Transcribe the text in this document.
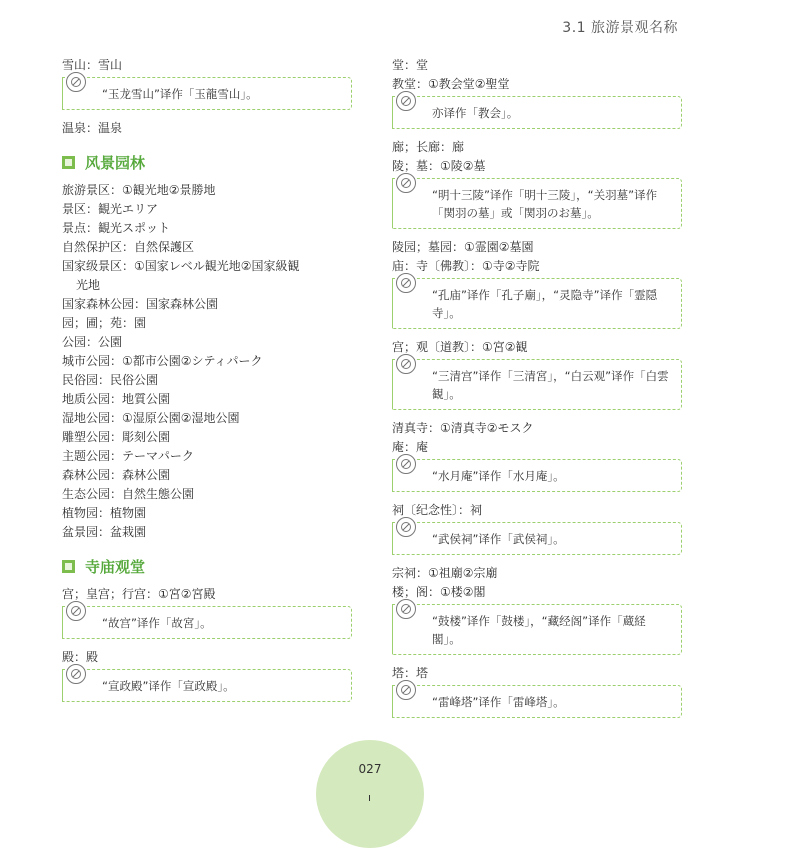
3.1 旅游景观名称
雪山：雪山
“玉龙雪山”译作「玉龍雪山」。
温泉：温泉
风景园林
旅游景区：①観光地②景勝地
景区：観光エリア
景点：観光スポット
自然保护区：自然保護区
国家级景区：①国家レベル観光地②国家級観
光地
国家森林公园：国家森林公園
园；圃；苑：園
公园：公園
城市公园：①都市公園②シティパーク
民俗园：民俗公園
地质公园：地質公園
湿地公园：①湿原公園②湿地公園
雕塑公园：彫刻公園
主题公园：テーマパーク
森林公园：森林公園
生态公园：自然生態公園
植物园：植物園
盆景园：盆栽園
寺庙观堂
宫；皇宫；行宫：①宮②宮殿
“故宫”译作「故宮」。
殿：殿
“宣政殿”译作「宣政殿」。
堂：堂
教堂：①教会堂②聖堂
亦译作「教会」。
廊；长廊：廊
陵；墓：①陵②墓
“明十三陵”译作「明十三陵」，“关羽墓”译作「関羽の墓」或「関羽のお墓」。
陵园；墓园：①霊園②墓園
庙：寺〔佛教〕：①寺②寺院
“孔庙”译作「孔子廟」，“灵隐寺”译作「霊隠寺」。
宫；观〔道教〕：①宮②観
“三清宫”译作「三清宮」，“白云观”译作「白雲観」。
清真寺：①清真寺②モスク
庵：庵
“水月庵”译作「水月庵」。
祠〔纪念性〕：祠
“武侯祠”译作「武侯祠」。
宗祠：①祖廟②宗廟
楼；阁：①楼②閣
“鼓楼”译作「鼓楼」，“藏经阁”译作「蔵経閣」。
塔：塔
“雷峰塔”译作「雷峰塔」。
027
